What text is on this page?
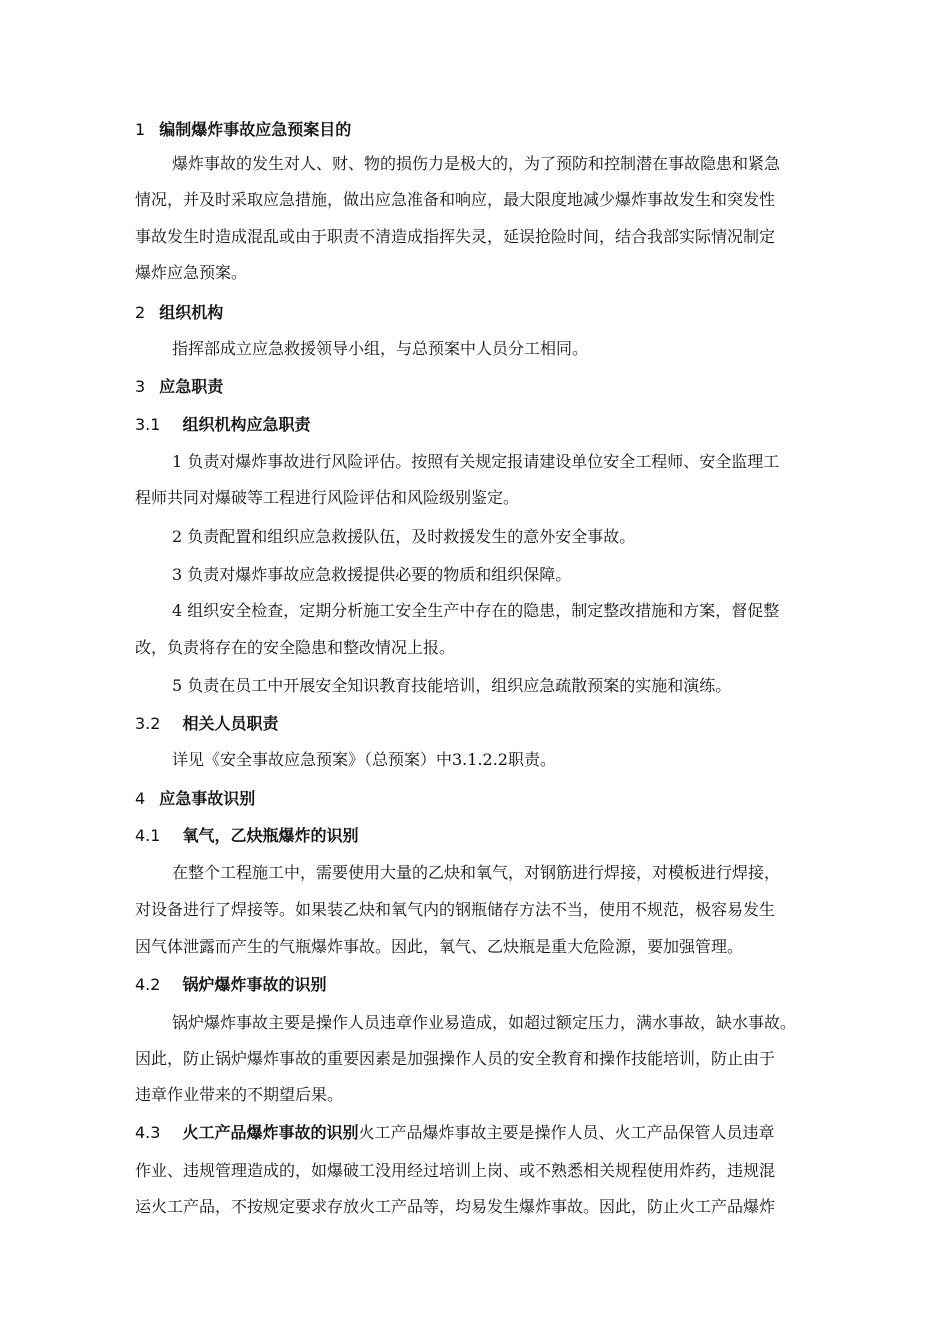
1 编制爆炸事故应急预案目的
爆炸事故的发生对人、财、物的损伤力是极大的，为了预防和控制潜在事故隐患和紧急
情况，并及时采取应急措施，做出应急准备和响应，最大限度地减少爆炸事故发生和突发性
事故发生时造成混乱或由于职责不清造成指挥失灵，延误抢险时间，结合我部实际情况制定
爆炸应急预案。
2 组织机构
指挥部成立应急救援领导小组，与总预案中人员分工相同。
3 应急职责
3.1 组织机构应急职责
1 负责对爆炸事故进行风险评估。按照有关规定报请建设单位安全工程师、安全监理工
程师共同对爆破等工程进行风险评估和风险级别鉴定。
2 负责配置和组织应急救援队伍，及时救援发生的意外安全事故。
3 负责对爆炸事故应急救援提供必要的物质和组织保障。
4 组织安全检查，定期分析施工安全生产中存在的隐患，制定整改措施和方案，督促整
改，负责将存在的安全隐患和整改情况上报。
5 负责在员工中开展安全知识教育技能培训，组织应急疏散预案的实施和演练。
3.2 相关人员职责
详见《安全事故应急预案》（总预案）中3.1.2.2职责。
4 应急事故识别
4.1 氧气，乙炔瓶爆炸的识别
在整个工程施工中，需要使用大量的乙炔和氧气，对钢筋进行焊接，对模板进行焊接，
对设备进行了焊接等。如果装乙炔和氧气内的钢瓶储存方法不当，使用不规范，极容易发生
因气体泄露而产生的气瓶爆炸事故。因此，氧气、乙炔瓶是重大危险源，要加强管理。
4.2 锅炉爆炸事故的识别
锅炉爆炸事故主要是操作人员违章作业易造成，如超过额定压力，满水事故，缺水事故。
因此，防止锅炉爆炸事故的重要因素是加强操作人员的安全教育和操作技能培训，防止由于
违章作业带来的不期望后果。
4.3 火工产品爆炸事故的识别火工产品爆炸事故主要是操作人员、火工产品保管人员违章
作业、违规管理造成的，如爆破工没用经过培训上岗、或不熟悉相关规程使用炸药，违规混
运火工产品，不按规定要求存放火工产品等，均易发生爆炸事故。因此，防止火工产品爆炸
